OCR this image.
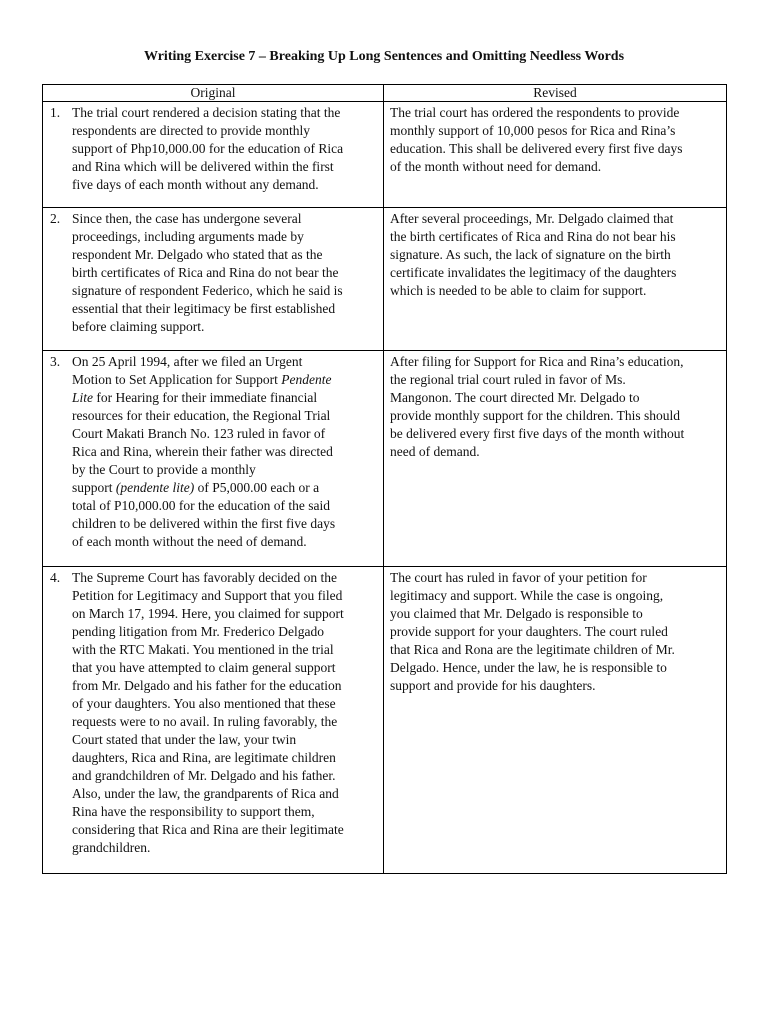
Writing Exercise 7 – Breaking Up Long Sentences and Omitting Needless Words
Original	Revised
1. The trial court rendered a decision stating that the
respondents are directed to provide monthly
support of Php10,000.00 for the education of Rica
and Rina which will be delivered within the first
five days of each month without any demand.
The trial court has ordered the respondents to provide
monthly support of 10,000 pesos for Rica and Rina’s
education. This shall be delivered every first five days
of the month without need for demand.
2. Since then, the case has undergone several
proceedings, including arguments made by
respondent Mr. Delgado who stated that as the
birth certificates of Rica and Rina do not bear the
signature of respondent Federico, which he said is
essential that their legitimacy be first established
before claiming support.
After several proceedings, Mr. Delgado claimed that
the birth certificates of Rica and Rina do not bear his
signature. As such, the lack of signature on the birth
certificate invalidates the legitimacy of the daughters
which is needed to be able to claim for support.
3. On 25 April 1994, after we filed an Urgent
Motion to Set Application for Support Pendente
Lite for Hearing for their immediate financial
resources for their education, the Regional Trial
Court Makati Branch No. 123 ruled in favor of
Rica and Rina, wherein their father was directed
by the Court to provide a monthly
support (pendente lite) of P5,000.00 each or a
total of P10,000.00 for the education of the said
children to be delivered within the first five days
of each month without the need of demand.
After filing for Support for Rica and Rina’s education,
the regional trial court ruled in favor of Ms.
Mangonon. The court directed Mr. Delgado to
provide monthly support for the children. This should
be delivered every first five days of the month without
need of demand.
4. The Supreme Court has favorably decided on the
Petition for Legitimacy and Support that you filed
on March 17, 1994. Here, you claimed for support
pending litigation from Mr. Frederico Delgado
with the RTC Makati. You mentioned in the trial
that you have attempted to claim general support
from Mr. Delgado and his father for the education
of your daughters. You also mentioned that these
requests were to no avail. In ruling favorably, the
Court stated that under the law, your twin
daughters, Rica and Rina, are legitimate children
and grandchildren of Mr. Delgado and his father.
Also, under the law, the grandparents of Rica and
Rina have the responsibility to support them,
considering that Rica and Rina are their legitimate
grandchildren.
The court has ruled in favor of your petition for
legitimacy and support. While the case is ongoing,
you claimed that Mr. Delgado is responsible to
provide support for your daughters. The court ruled
that Rica and Rona are the legitimate children of Mr.
Delgado. Hence, under the law, he is responsible to
support and provide for his daughters.
